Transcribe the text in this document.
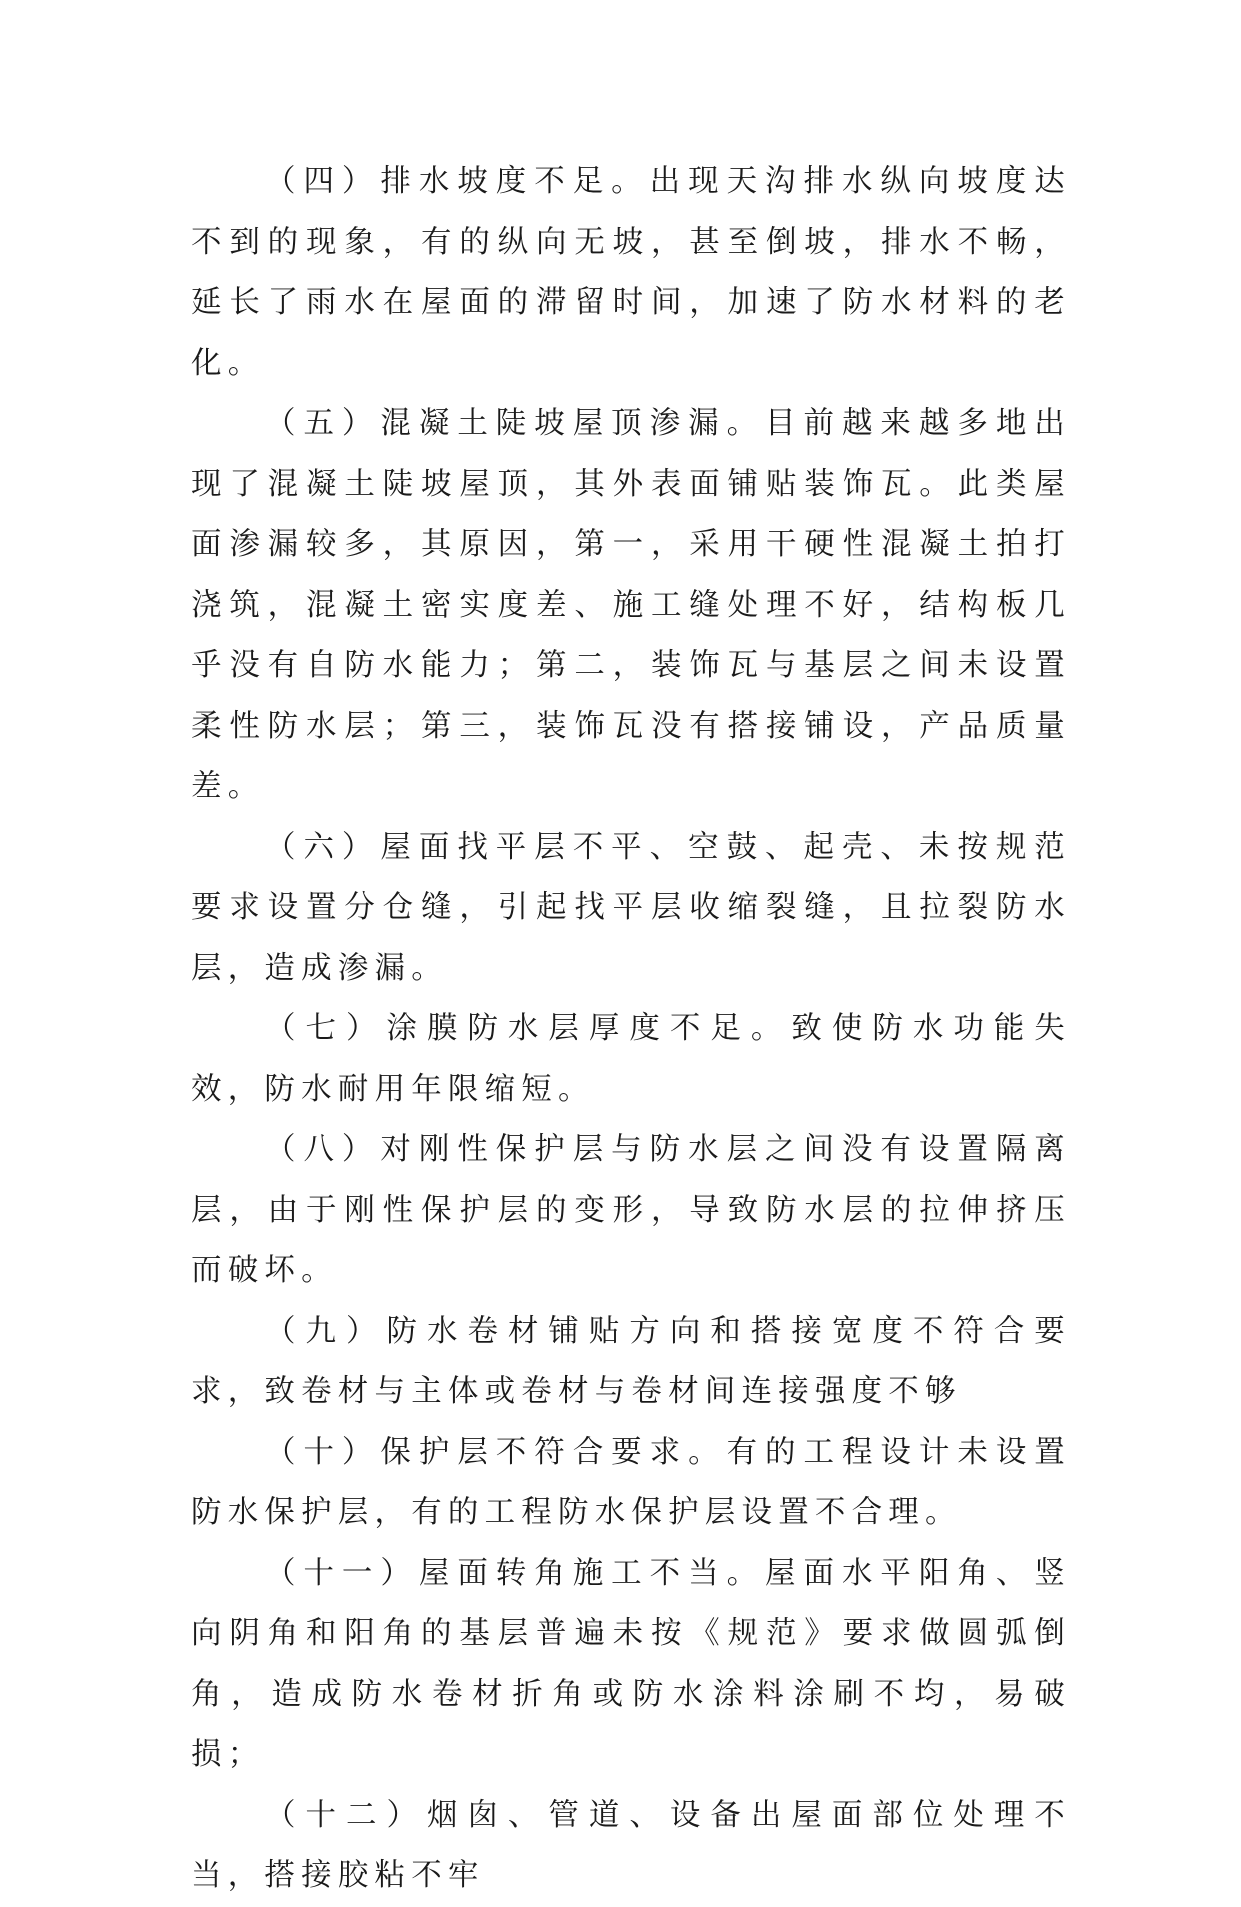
（四）排水坡度不足。出现天沟排水纵向坡度达不到的现象，有的纵向无坡，甚至倒坡，排水不畅，延长了雨水在屋面的滞留时间，加速了防水材料的老化。

（五）混凝土陡坡屋顶渗漏。目前越来越多地出现了混凝土陡坡屋顶，其外表面铺贴装饰瓦。此类屋面渗漏较多，其原因，第一，采用干硬性混凝土拍打浇筑，混凝土密实度差、施工缝处理不好，结构板几乎没有自防水能力；第二，装饰瓦与基层之间未设置柔性防水层；第三，装饰瓦没有搭接铺设，产品质量差。

（六）屋面找平层不平、空鼓、起壳、未按规范要求设置分仓缝，引起找平层收缩裂缝，且拉裂防水层，造成渗漏。

（七）涂膜防水层厚度不足。致使防水功能失效，防水耐用年限缩短。

（八）对刚性保护层与防水层之间没有设置隔离层，由于刚性保护层的变形，导致防水层的拉伸挤压而破坏。

（九）防水卷材铺贴方向和搭接宽度不符合要求，致卷材与主体或卷材与卷材间连接强度不够

（十）保护层不符合要求。有的工程设计未设置防水保护层，有的工程防水保护层设置不合理。

（十一）屋面转角施工不当。屋面水平阳角、竖向阴角和阳角的基层普遍未按《规范》要求做圆弧倒角，造成防水卷材折角或防水涂料涂刷不均，易破损；

（十二）烟囱、管道、设备出屋面部位处理不当，搭接胶粘不牢
